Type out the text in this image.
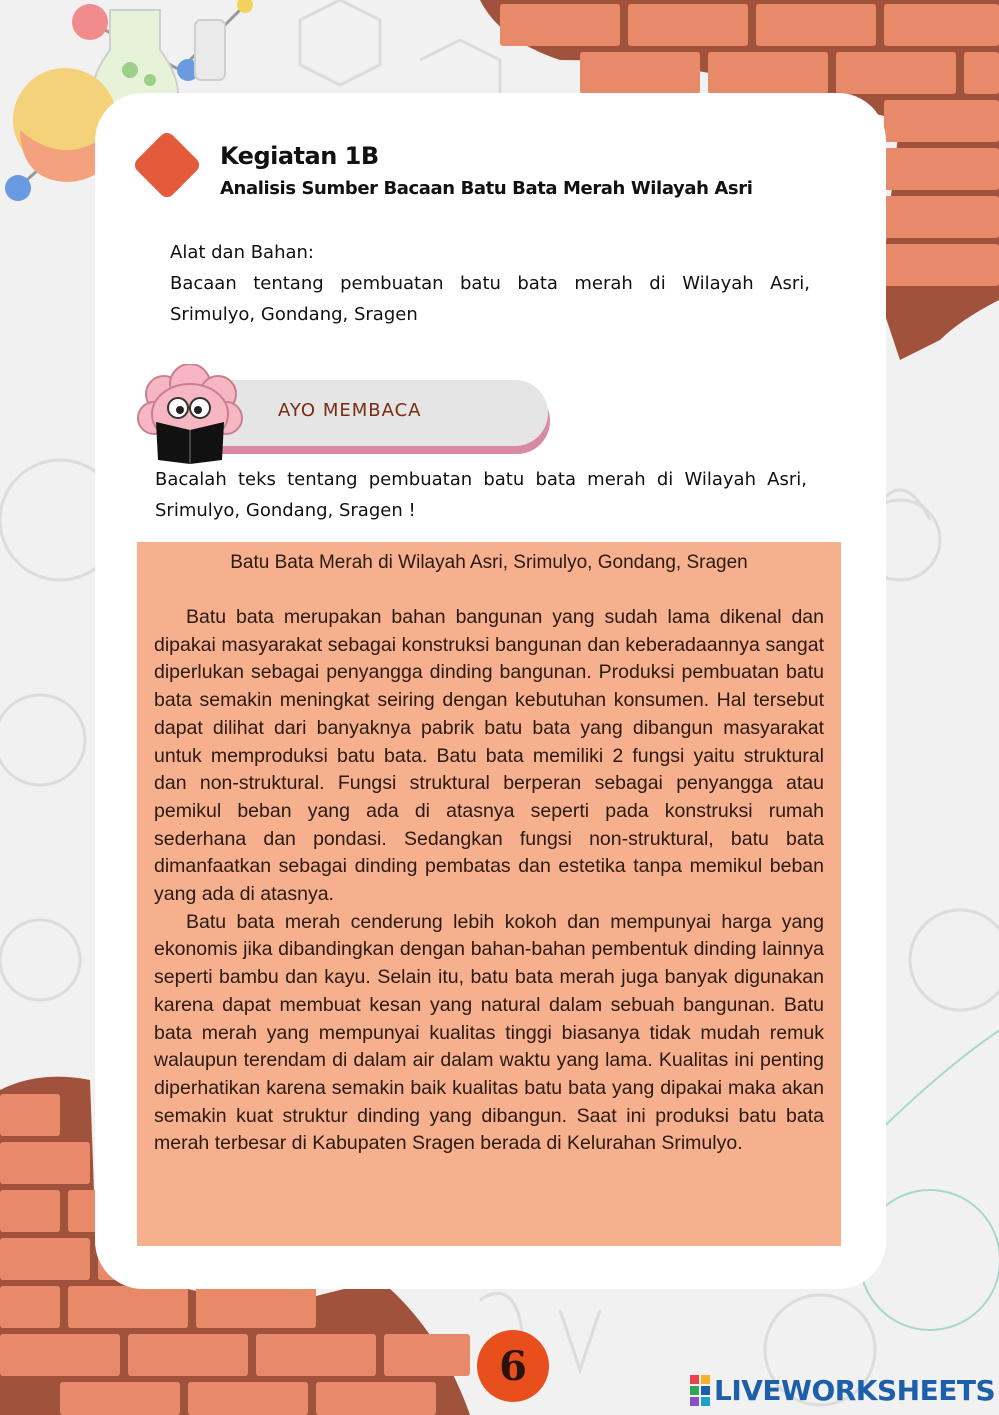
Kegiatan 1B
Analisis Sumber Bacaan Batu Bata Merah Wilayah Asri

Alat dan Bahan:

Bacaan tentang pembuatan batu bata merah di Wilayah Asri, Srimulyo, Gondang, Sragen

AYO MEMBACA

Bacalah teks tentang pembuatan batu bata merah di Wilayah Asri, Srimulyo, Gondang, Sragen !

Batu Bata Merah di Wilayah Asri, Srimulyo, Gondang, Sragen

Batu bata merupakan bahan bangunan yang sudah lama dikenal dan dipakai masyarakat sebagai konstruksi bangunan dan keberadaannya sangat diperlukan sebagai penyangga dinding bangunan. Produksi pembuatan batu bata semakin meningkat seiring dengan kebutuhan konsumen. Hal tersebut dapat dilihat dari banyaknya pabrik batu bata yang dibangun masyarakat untuk memproduksi batu bata. Batu bata memiliki 2 fungsi yaitu struktural dan non-struktural. Fungsi struktural berperan sebagai penyangga atau pemikul beban yang ada di atasnya seperti pada konstruksi rumah sederhana dan pondasi. Sedangkan fungsi non-struktural, batu bata dimanfaatkan sebagai dinding pembatas dan estetika tanpa memikul beban yang ada di atasnya.

Batu bata merah cenderung lebih kokoh dan mempunyai harga yang ekonomis jika dibandingkan dengan bahan-bahan pembentuk dinding lainnya seperti bambu dan kayu. Selain itu, batu bata merah juga banyak digunakan karena dapat membuat kesan yang natural dalam sebuah bangunan. Batu bata merah yang mempunyai kualitas tinggi biasanya tidak mudah remuk walaupun terendam di dalam air dalam waktu yang lama. Kualitas ini penting diperhatikan karena semakin baik kualitas batu bata yang dipakai maka akan semakin kuat struktur dinding yang dibangun. Saat ini produksi batu bata merah terbesar di Kabupaten Sragen berada di Kelurahan Srimulyo.

6
LIVEWORKSHEETS
